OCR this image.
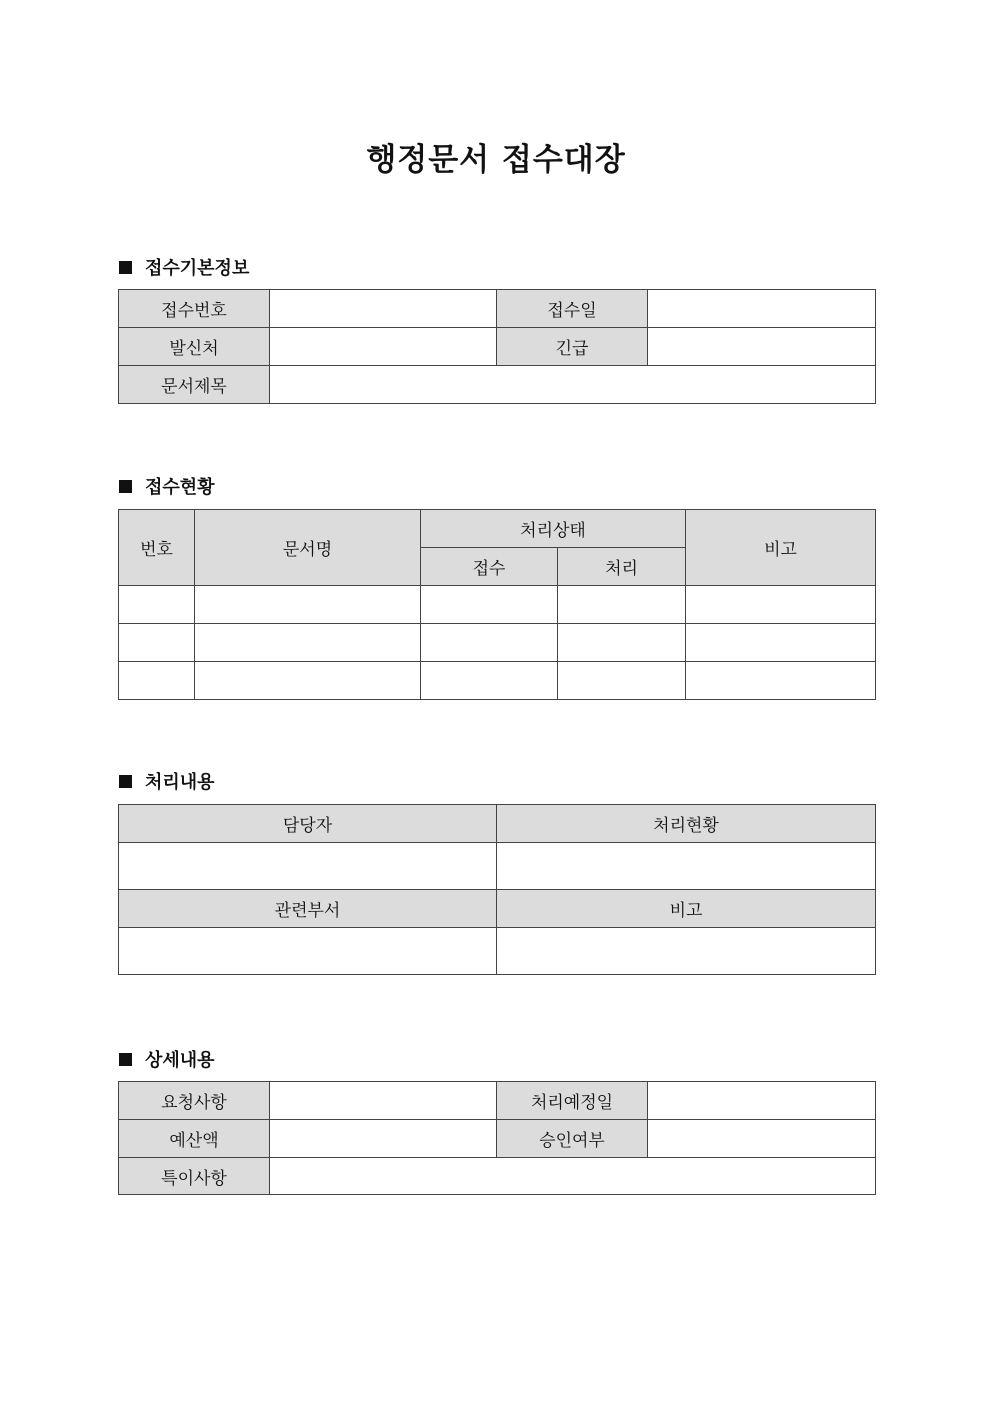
행정문서 접수대장
접수기본정보
접수번호		접수일	
발신처		긴급	
문서제목			
접수현황
번호	문서명	처리상태		비고
		접수	처리	

처리내용
담당자	처리현황

관련부서	비고

상세내용
요청사항		처리예정일	
예산액		승인여부	
특이사항			
